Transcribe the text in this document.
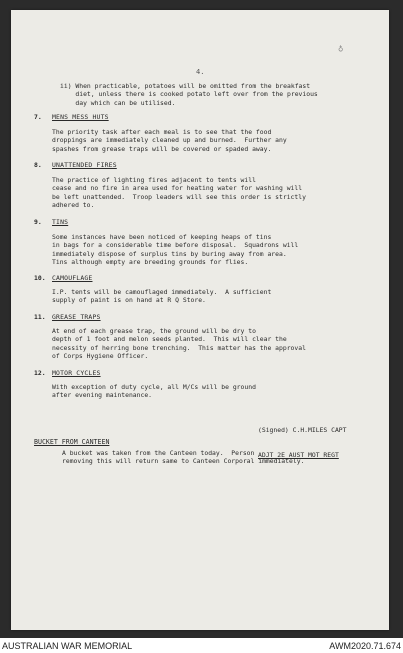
♁
4.
ii) When practicable, potatoes will be omitted from the breakfast
diet, unless there is cooked potato left over from the previous
day which can be utilised.
7. MENS MESS HUTS
The priority task after each meal is to see that the food
droppings are immediately cleaned up and burned.  Further any
spashes from grease traps will be covered or spaded away.
8. UNATTENDED FIRES
The practice of lighting fires adjacent to tents will
cease and no fire in area used for heating water for washing will
be left unattended.  Troop leaders will see this order is strictly
adhered to.
9. TINS
Some instances have been noticed of keeping heaps of tins
in bags for a considerable time before disposal.  Squadrons will
immediately dispose of surplus tins by buring away from area.
Tins although empty are breeding grounds for flies.
10. CAMOUFLAGE
I.P. tents will be camouflaged immediately.  A sufficient
supply of paint is on hand at R Q Store.
11. GREASE TRAPS
At end of each grease trap, the ground will be dry to
depth of 1 foot and melon seeds planted.  This will clear the
necessity of herring bone trenching.  This matter has the approval
of Corps Hygiene Officer.
12. MOTOR CYCLES
With exception of duty cycle, all M/Cs will be ground
after evening maintenance.

(Signed) C.H.MILES CAPT

ADJT 2E AUST MOT REGT

BUCKET FROM CANTEEN
A bucket was taken from the Canteen today.  Person
removing this will return same to Canteen Corporal immediately.
AUSTRALIAN WAR MEMORIAL	AWM2020.71.674
